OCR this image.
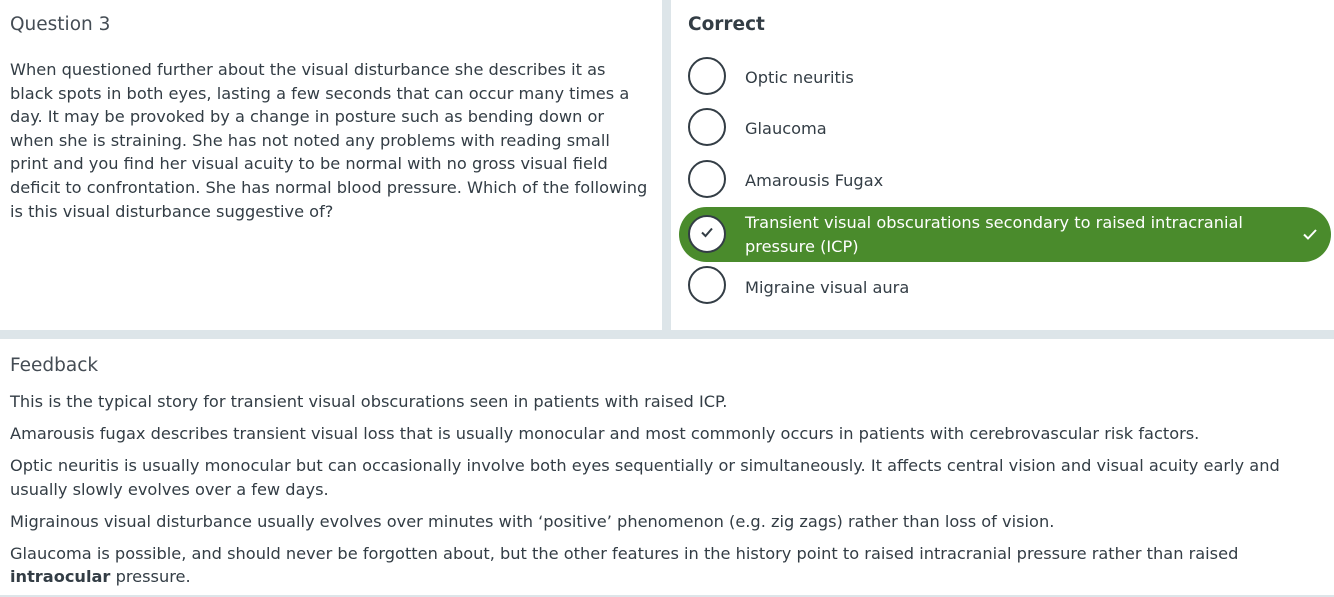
Question 3
When questioned further about the visual disturbance she describes it as black spots in both eyes, lasting a few seconds that can occur many times a day. It may be provoked by a change in posture such as bending down or when she is straining. She has not noted any problems with reading small print and you find her visual acuity to be normal with no gross visual field deficit to confrontation. She has normal blood pressure. Which of the following is this visual disturbance suggestive of?
Correct
Optic neuritis
Glaucoma
Amarousis Fugax
Transient visual obscurations secondary to raised intracranial pressure (ICP)
Migraine visual aura
Feedback

This is the typical story for transient visual obscurations seen in patients with raised ICP.

Amarousis fugax describes transient visual loss that is usually monocular and most commonly occurs in patients with cerebrovascular risk factors.

Optic neuritis is usually monocular but can occasionally involve both eyes sequentially or simultaneously. It affects central vision and visual acuity early and usually slowly evolves over a few days.

Migrainous visual disturbance usually evolves over minutes with ‘positive’ phenomenon (e.g. zig zags) rather than loss of vision.

Glaucoma is possible, and should never be forgotten about, but the other features in the history point to raised intracranial pressure rather than raised intraocular pressure.
